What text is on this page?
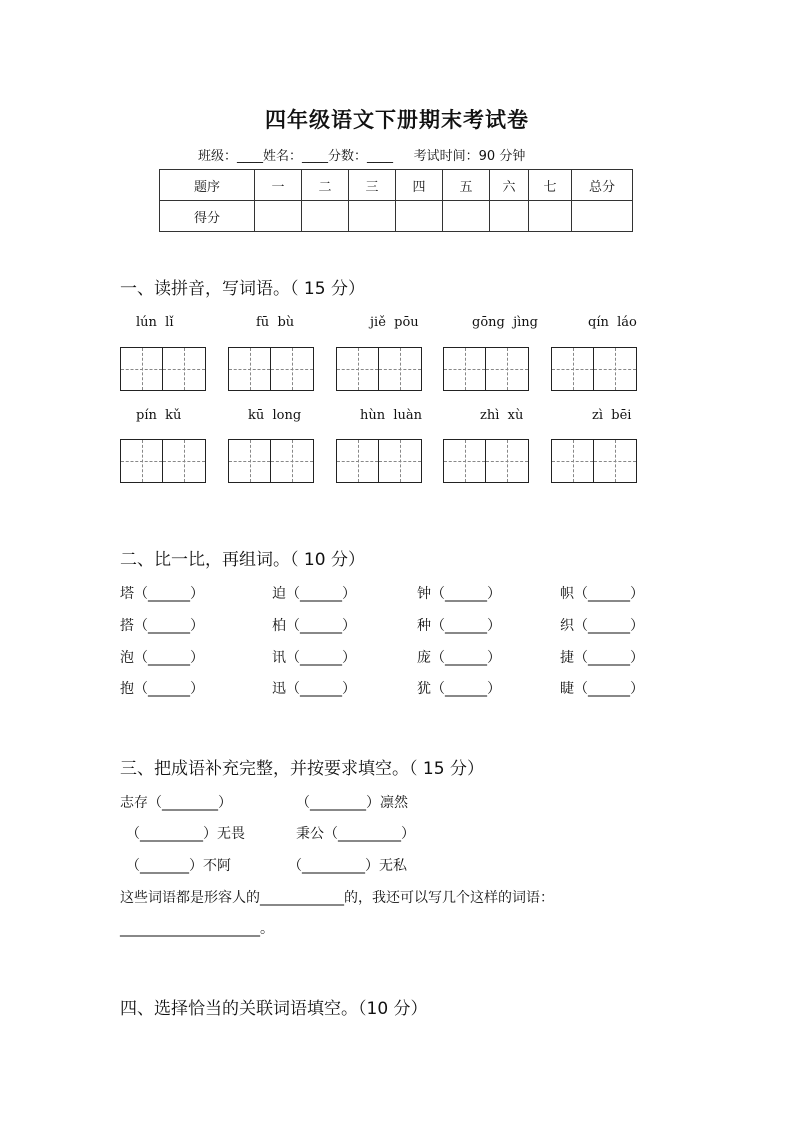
四年级语文下册期末考试卷
班级：____姓名：____分数：____     考试时间：90 分钟
题序	一	二	三	四	五	六	七	总分
得分								
一、读拼音，写词语。（ 15 分）
lún  lǐ	fū  bù	jiě  pōu	gōng  jìng	qín  láo
pín  kǔ	kū  long	hùn  luàn	zhì  xù	zì  bēi
二、比一比，再组词。（ 10 分）
塔（______）	迫（______）	钟（______）	帜（______）
搭（______）	柏（______）	种（______）	织（______）
泡（______）	讯（______）	庞（______）	捷（______）
抱（______）	迅（______）	犹（______）	睫（______）
三、把成语补充完整，并按要求填空。（ 15 分）
志存（________）	（________）凛然
（_________）无畏	秉公（_________）
（_______）不阿	（_________）无私
这些词语都是形容人的____________的，我还可以写几个这样的词语：
____________________。
四、选择恰当的关联词语填空。（10 分）
